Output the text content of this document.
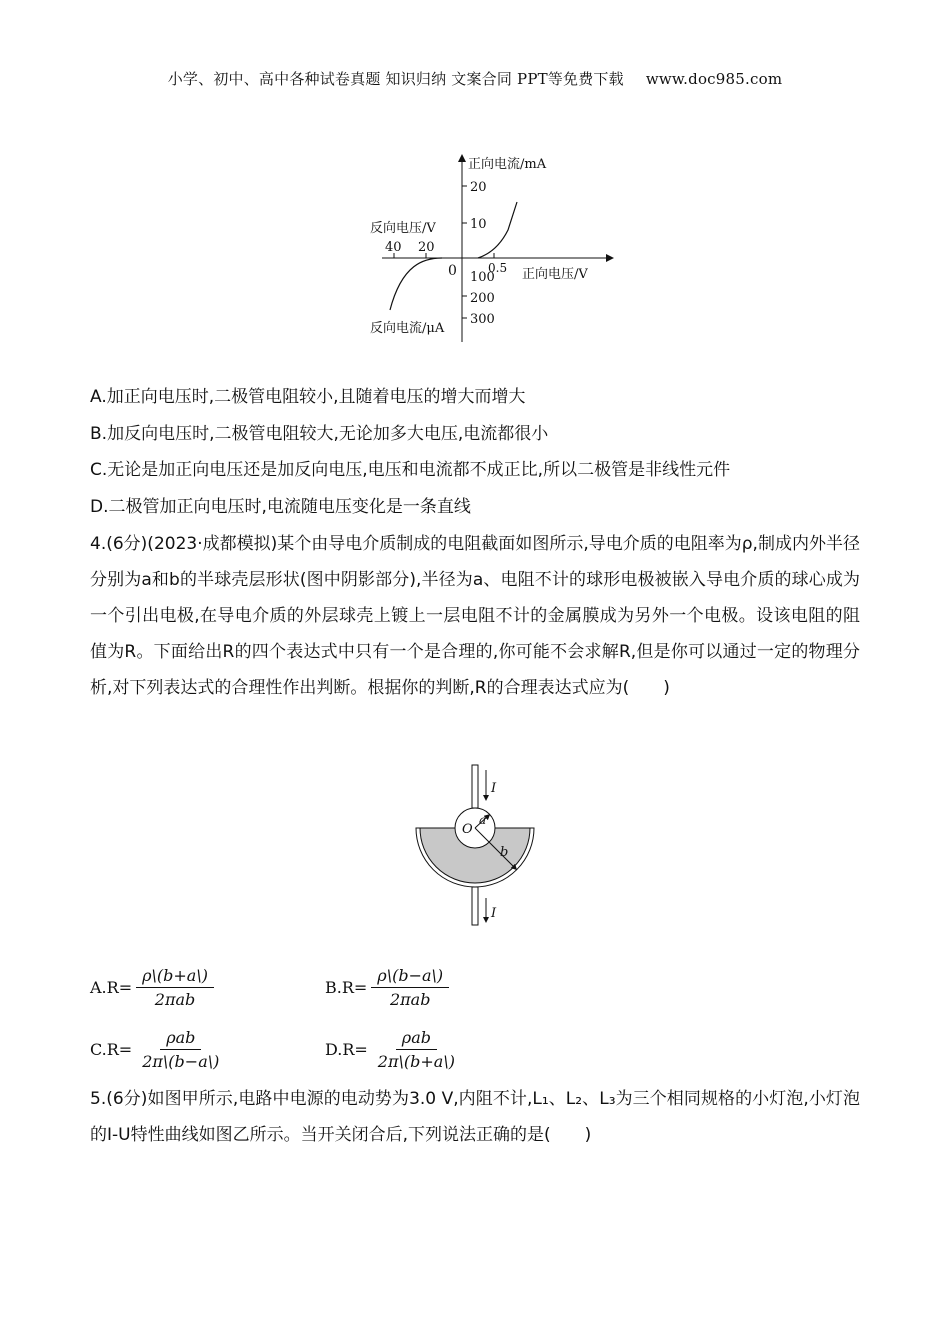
小学、初中、高中各种试卷真题 知识归纳 文案合同 PPT等免费下载 www.doc985.com
正向电流/mA
20
10
反向电压/V
40 20
0	0.5 正向电压/V
100
200
300
反向电流/μA
A.加正向电压时,二极管电阻较小,且随着电压的增大而增大
B.加反向电压时,二极管电阻较大,无论加多大电压,电流都很小
C.无论是加正向电压还是加反向电压,电压和电流都不成正比,所以二极管是非线性元件
D.二极管加正向电压时,电流随电压变化是一条直线
4.(6分)(2023·成都模拟)某个由导电介质制成的电阻截面如图所示,导电介质的电阻率为ρ,制成内外半径分别为a和b的半球壳层形状(图中阴影部分),半径为a、电阻不计的球形电极被嵌入导电介质的球心成为一个引出电极,在导电介质的外层球壳上镀上一层电阻不计的金属膜成为另外一个电极。设该电阻的阻值为R。下面给出R的四个表达式中只有一个是合理的,你可能不会求解R,但是你可以通过一定的物理分析,对下列表达式的合理性作出判断。根据你的判断,R的合理表达式应为(　　)
I
I
O
a
b
$A.R= \frac{\rho\backslash(b+a\backslash)}{\text{2πab}}$	$B.R= \frac{\rho\backslash(b-a\backslash)}{\text{2πab}}$
$C.R= \frac{\text{ρab}}{2\pi\backslash(b-a\backslash)}$	$D.R= \frac{\text{ρab}}{2\pi\backslash(b+a\backslash)}$
5.(6分)如图甲所示,电路中电源的电动势为3.0 V,内阻不计,L₁、L₂、L₃为三个相同规格的小灯泡,小灯泡的I-U特性曲线如图乙所示。当开关闭合后,下列说法正确的是(　　)
